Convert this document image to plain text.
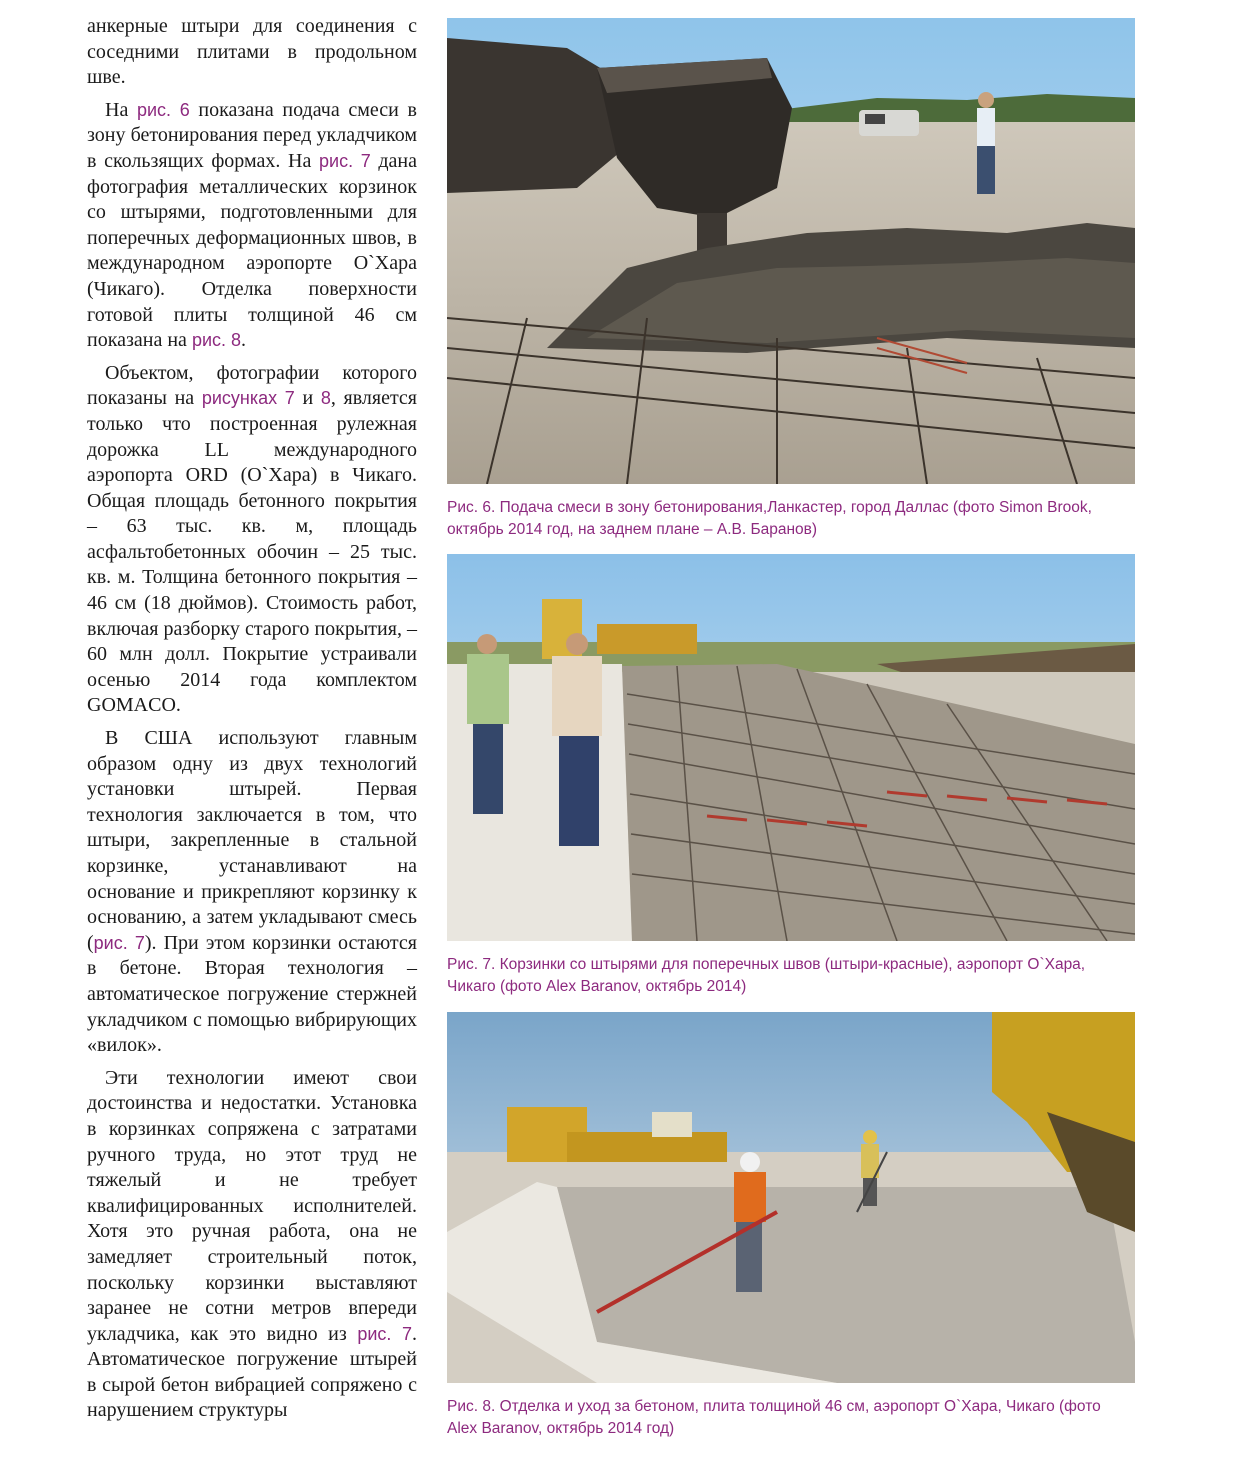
анкерные штыри для соединения с соседними плитами в продольном шве.

На рис. 6 показана подача смеси в зону бетонирования перед укладчиком в скользящих формах. На рис. 7 дана фотография металлических корзинок со штырями, подготовленными для поперечных деформационных швов, в международном аэропорте О`Хара (Чикаго). Отделка поверхности готовой плиты толщиной 46 см показана на рис. 8.

Объектом, фотографии которого показаны на рисунках 7 и 8, является только что построенная рулежная дорожка LL международного аэропорта ORD (О`Хара) в Чикаго. Общая площадь бетонного покрытия – 63 тыс. кв. м, площадь асфальтобетонных обочин – 25 тыс. кв. м. Толщина бетонного покрытия – 46 см (18 дюймов). Стоимость работ, включая разборку старого покрытия, – 60 млн долл. Покрытие устраивали осенью 2014 года комплектом GOMACO.

В США используют главным образом одну из двух технологий установки штырей. Первая технология заключается в том, что штыри, закрепленные в стальной корзинке, устанавливают на основание и прикрепляют корзинку к основанию, а затем укладывают смесь (рис. 7). При этом корзинки остаются в бетоне. Вторая технология – автоматическое погружение стержней укладчиком с помощью вибрирующих «вилок».

Эти технологии имеют свои достоинства и недостатки. Установка в корзинках сопряжена с затратами ручного труда, но этот труд не тяжелый и не требует квалифицированных исполнителей. Хотя это ручная работа, она не замедляет строительный поток, поскольку корзинки выставляют заранее не сотни метров впереди укладчика, как это видно из рис. 7. Автоматическое погружение штырей в сырой бетон вибрацией сопряжено с нарушением структуры

Рис. 6. Подача смеси в зону бетонирования,Ланкастер, город Даллас (фото Simon Brook, октябрь 2014 год, на заднем плане – А.В. Баранов)
Рис. 7. Корзинки со штырями для поперечных швов (штыри-красные), аэропорт О`Хара, Чикаго (фото Alex Baranov, октябрь 2014)
Рис. 8. Отделка и уход за бетоном, плита толщиной 46 см, аэропорт О`Хара, Чикаго (фото Alex Baranov, октябрь 2014 год)
